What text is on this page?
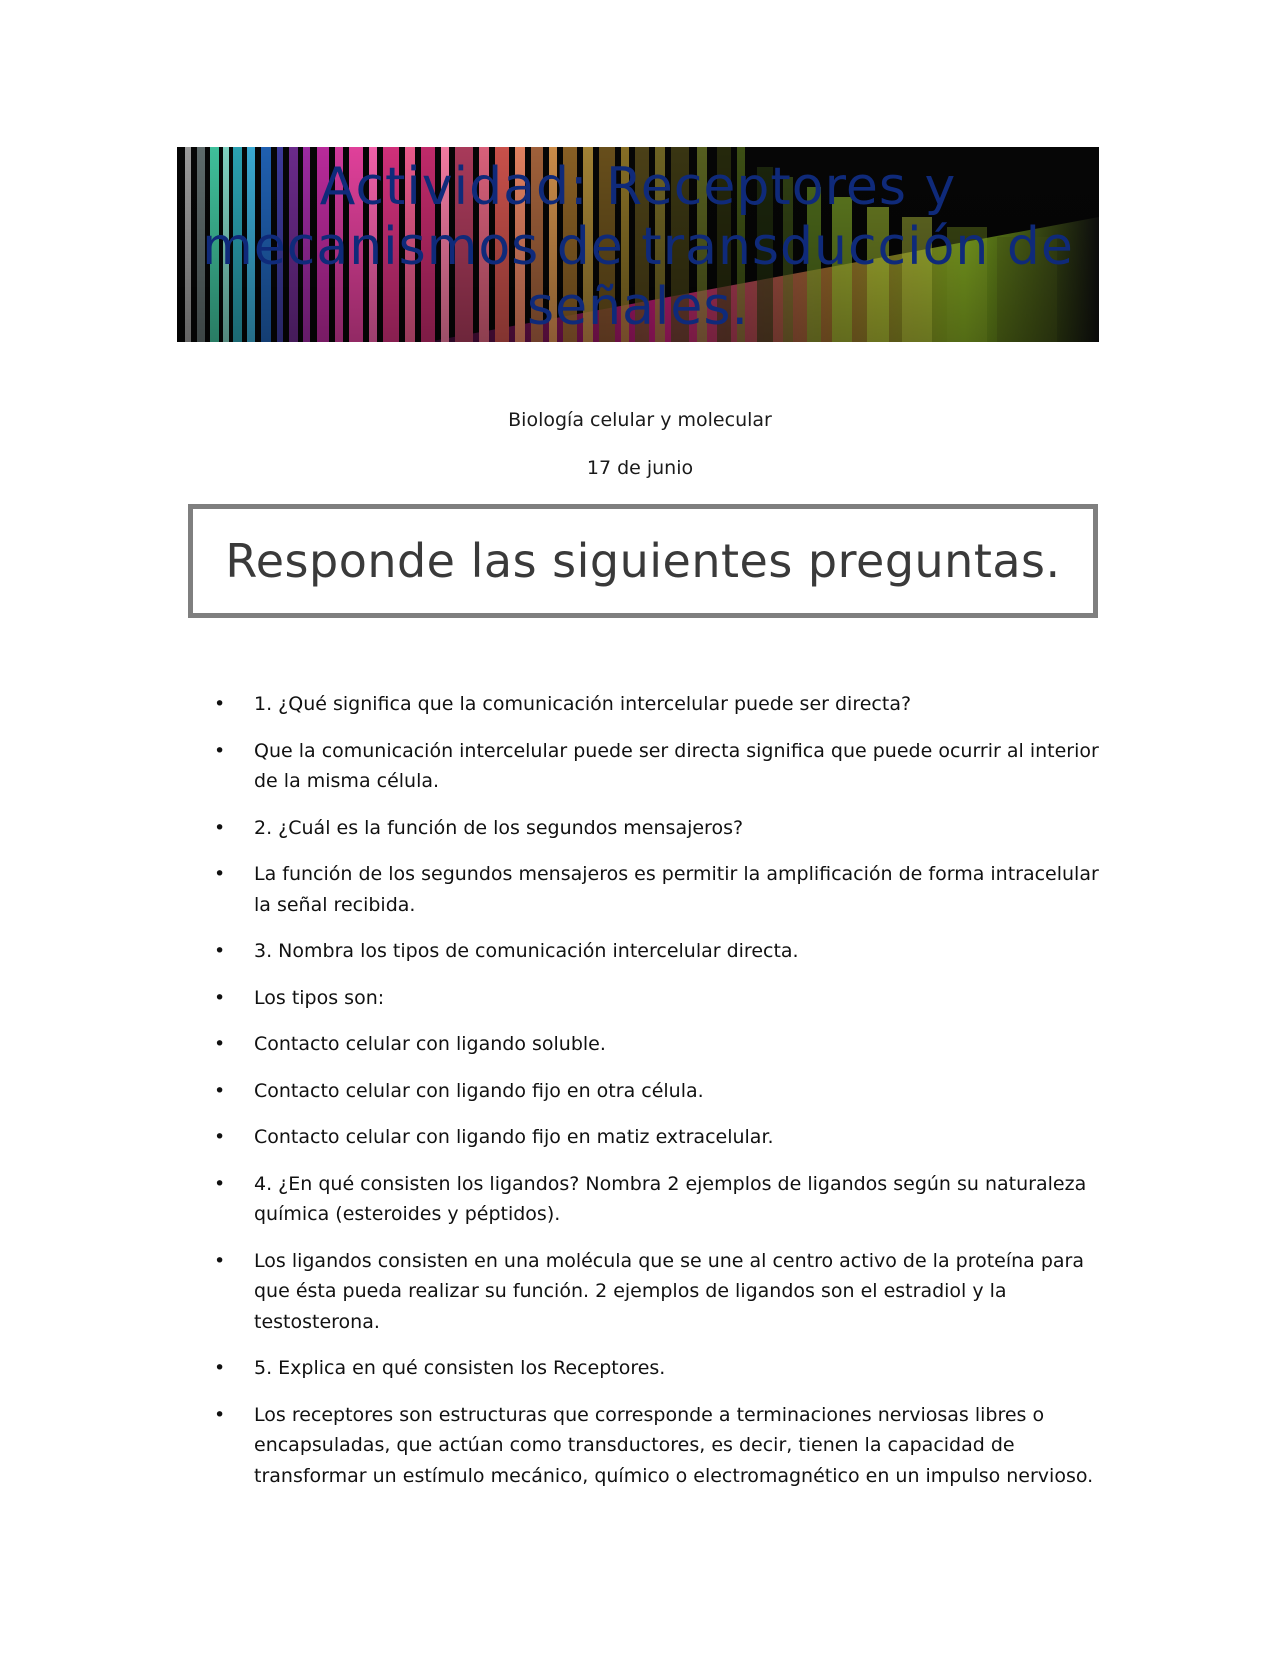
Actividad: Receptores y mecanismos de transducción de señales.

Biología celular y molecular

17 de junio

Responde las siguientes preguntas.
• 1. ¿Qué significa que la comunicación intercelular puede ser directa?
• Que la comunicación intercelular puede ser directa significa que puede ocurrir al interior de la misma célula.
• 2. ¿Cuál es la función de los segundos mensajeros?
• La función de los segundos mensajeros es permitir la amplificación de forma intracelular la señal recibida.
• 3. Nombra los tipos de comunicación intercelular directa.
• Los tipos son:
• Contacto celular con ligando soluble.
• Contacto celular con ligando fijo en otra célula.
• Contacto celular con ligando fijo en matiz extracelular.
• 4. ¿En qué consisten los ligandos? Nombra 2 ejemplos de ligandos según su naturaleza química (esteroides y péptidos).
• Los ligandos consisten en una molécula que se une al centro activo de la proteína para que ésta pueda realizar su función. 2 ejemplos de ligandos son el estradiol y la testosterona.
• 5. Explica en qué consisten los Receptores.
• Los receptores son estructuras que corresponde a terminaciones nerviosas libres o encapsuladas, que actúan como transductores, es decir, tienen la capacidad de transformar un estímulo mecánico, químico o electromagnético en un impulso nervioso.
